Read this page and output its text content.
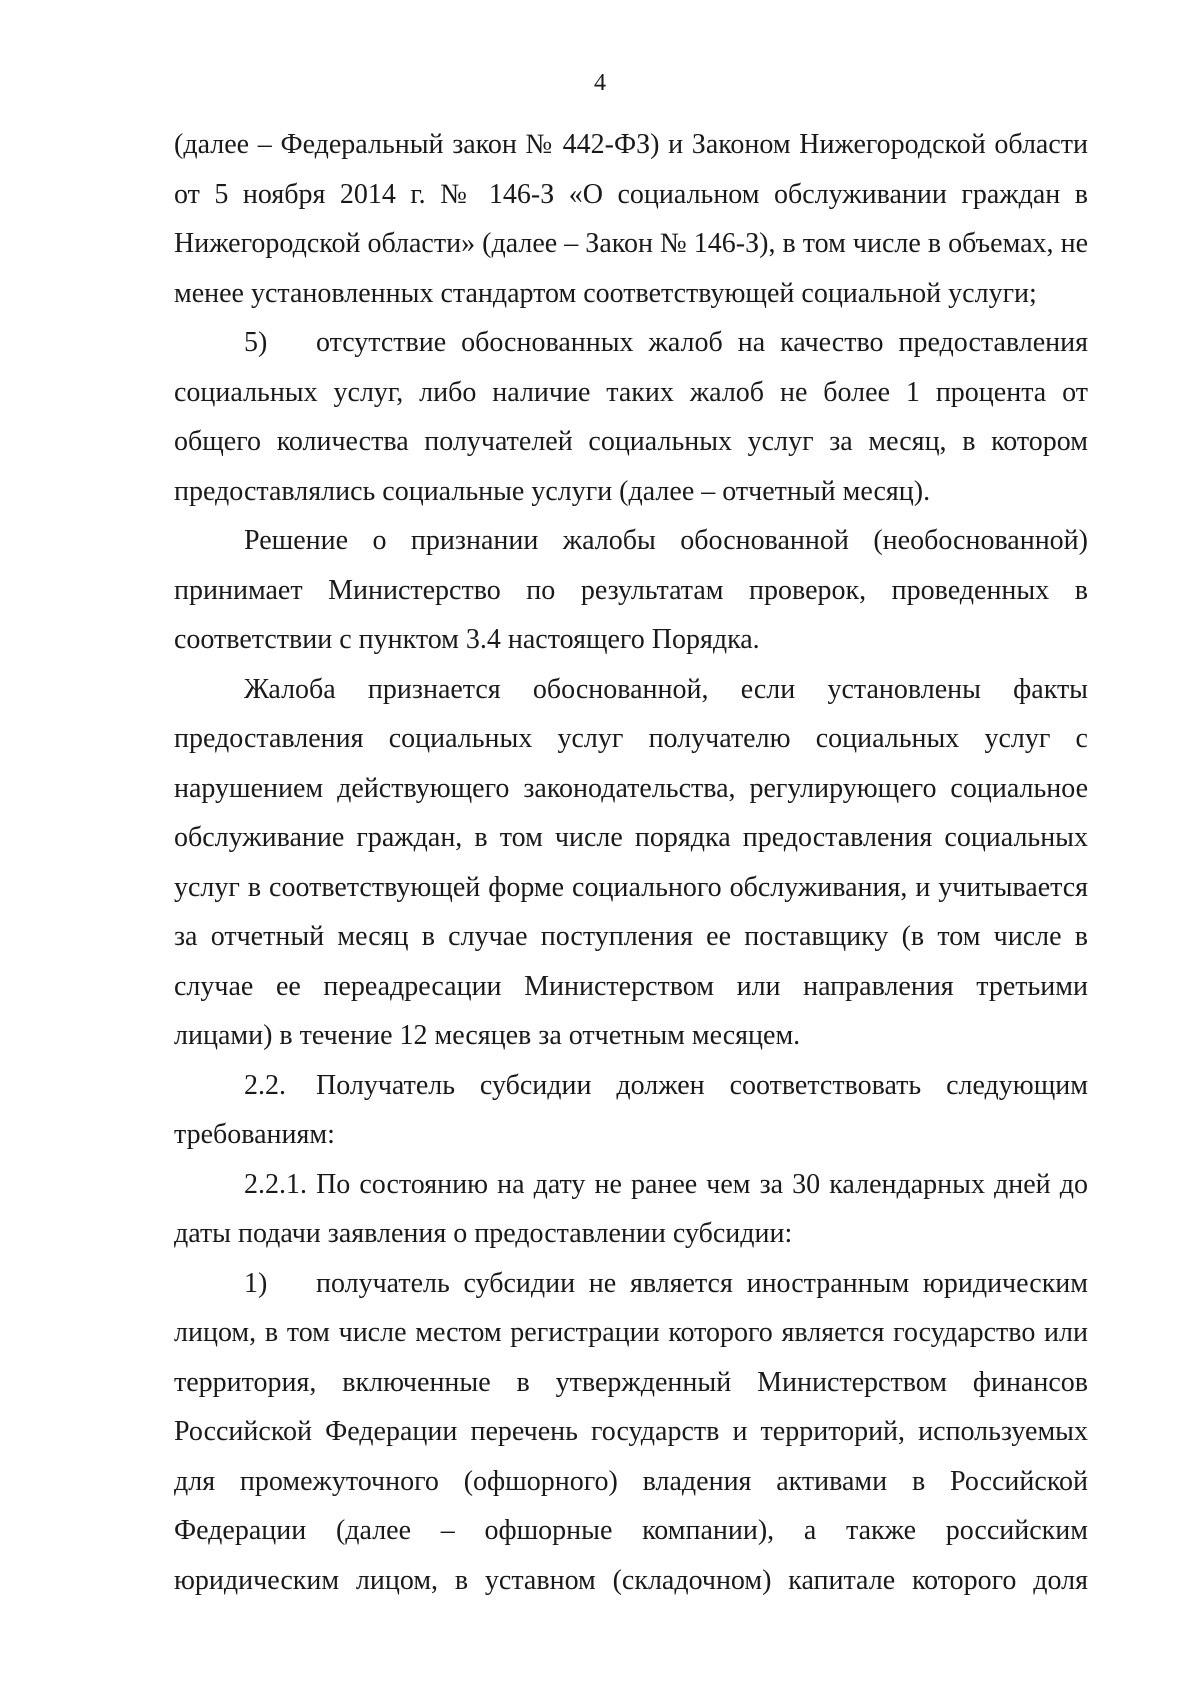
4

(далее – Федеральный закон № 442-ФЗ) и Законом Нижегородской области от 5 ноября 2014 г. № 146-З «О социальном обслуживании граждан в Нижегородской области» (далее – Закон № 146-З), в том числе в объемах, не менее установленных стандартом соответствующей социальной услуги;

5) отсутствие обоснованных жалоб на качество предоставления социальных услуг, либо наличие таких жалоб не более 1 процента от общего количества получателей социальных услуг за месяц, в котором предоставлялись социальные услуги (далее – отчетный месяц).

Решение о признании жалобы обоснованной (необоснованной) принимает Министерство по результатам проверок, проведенных в соответствии с пунктом 3.4 настоящего Порядка.

Жалоба признается обоснованной, если установлены факты предоставления социальных услуг получателю социальных услуг с нарушением действующего законодательства, регулирующего социальное обслуживание граждан, в том числе порядка предоставления социальных услуг в соответствующей форме социального обслуживания, и учитывается за отчетный месяц в случае поступления ее поставщику (в том числе в случае ее переадресации Министерством или направления третьими лицами) в течение 12 месяцев за отчетным месяцем.

2.2. Получатель субсидии должен соответствовать следующим требованиям:

2.2.1. По состоянию на дату не ранее чем за 30 календарных дней до даты подачи заявления о предоставлении субсидии:

1) получатель субсидии не является иностранным юридическим лицом, в том числе местом регистрации которого является государство или территория, включенные в утвержденный Министерством финансов Российской Федерации перечень государств и территорий, используемых для промежуточного (офшорного) владения активами в Российской Федерации (далее – офшорные компании), а также российским юридическим лицом, в уставном (складочном) капитале которого доля
